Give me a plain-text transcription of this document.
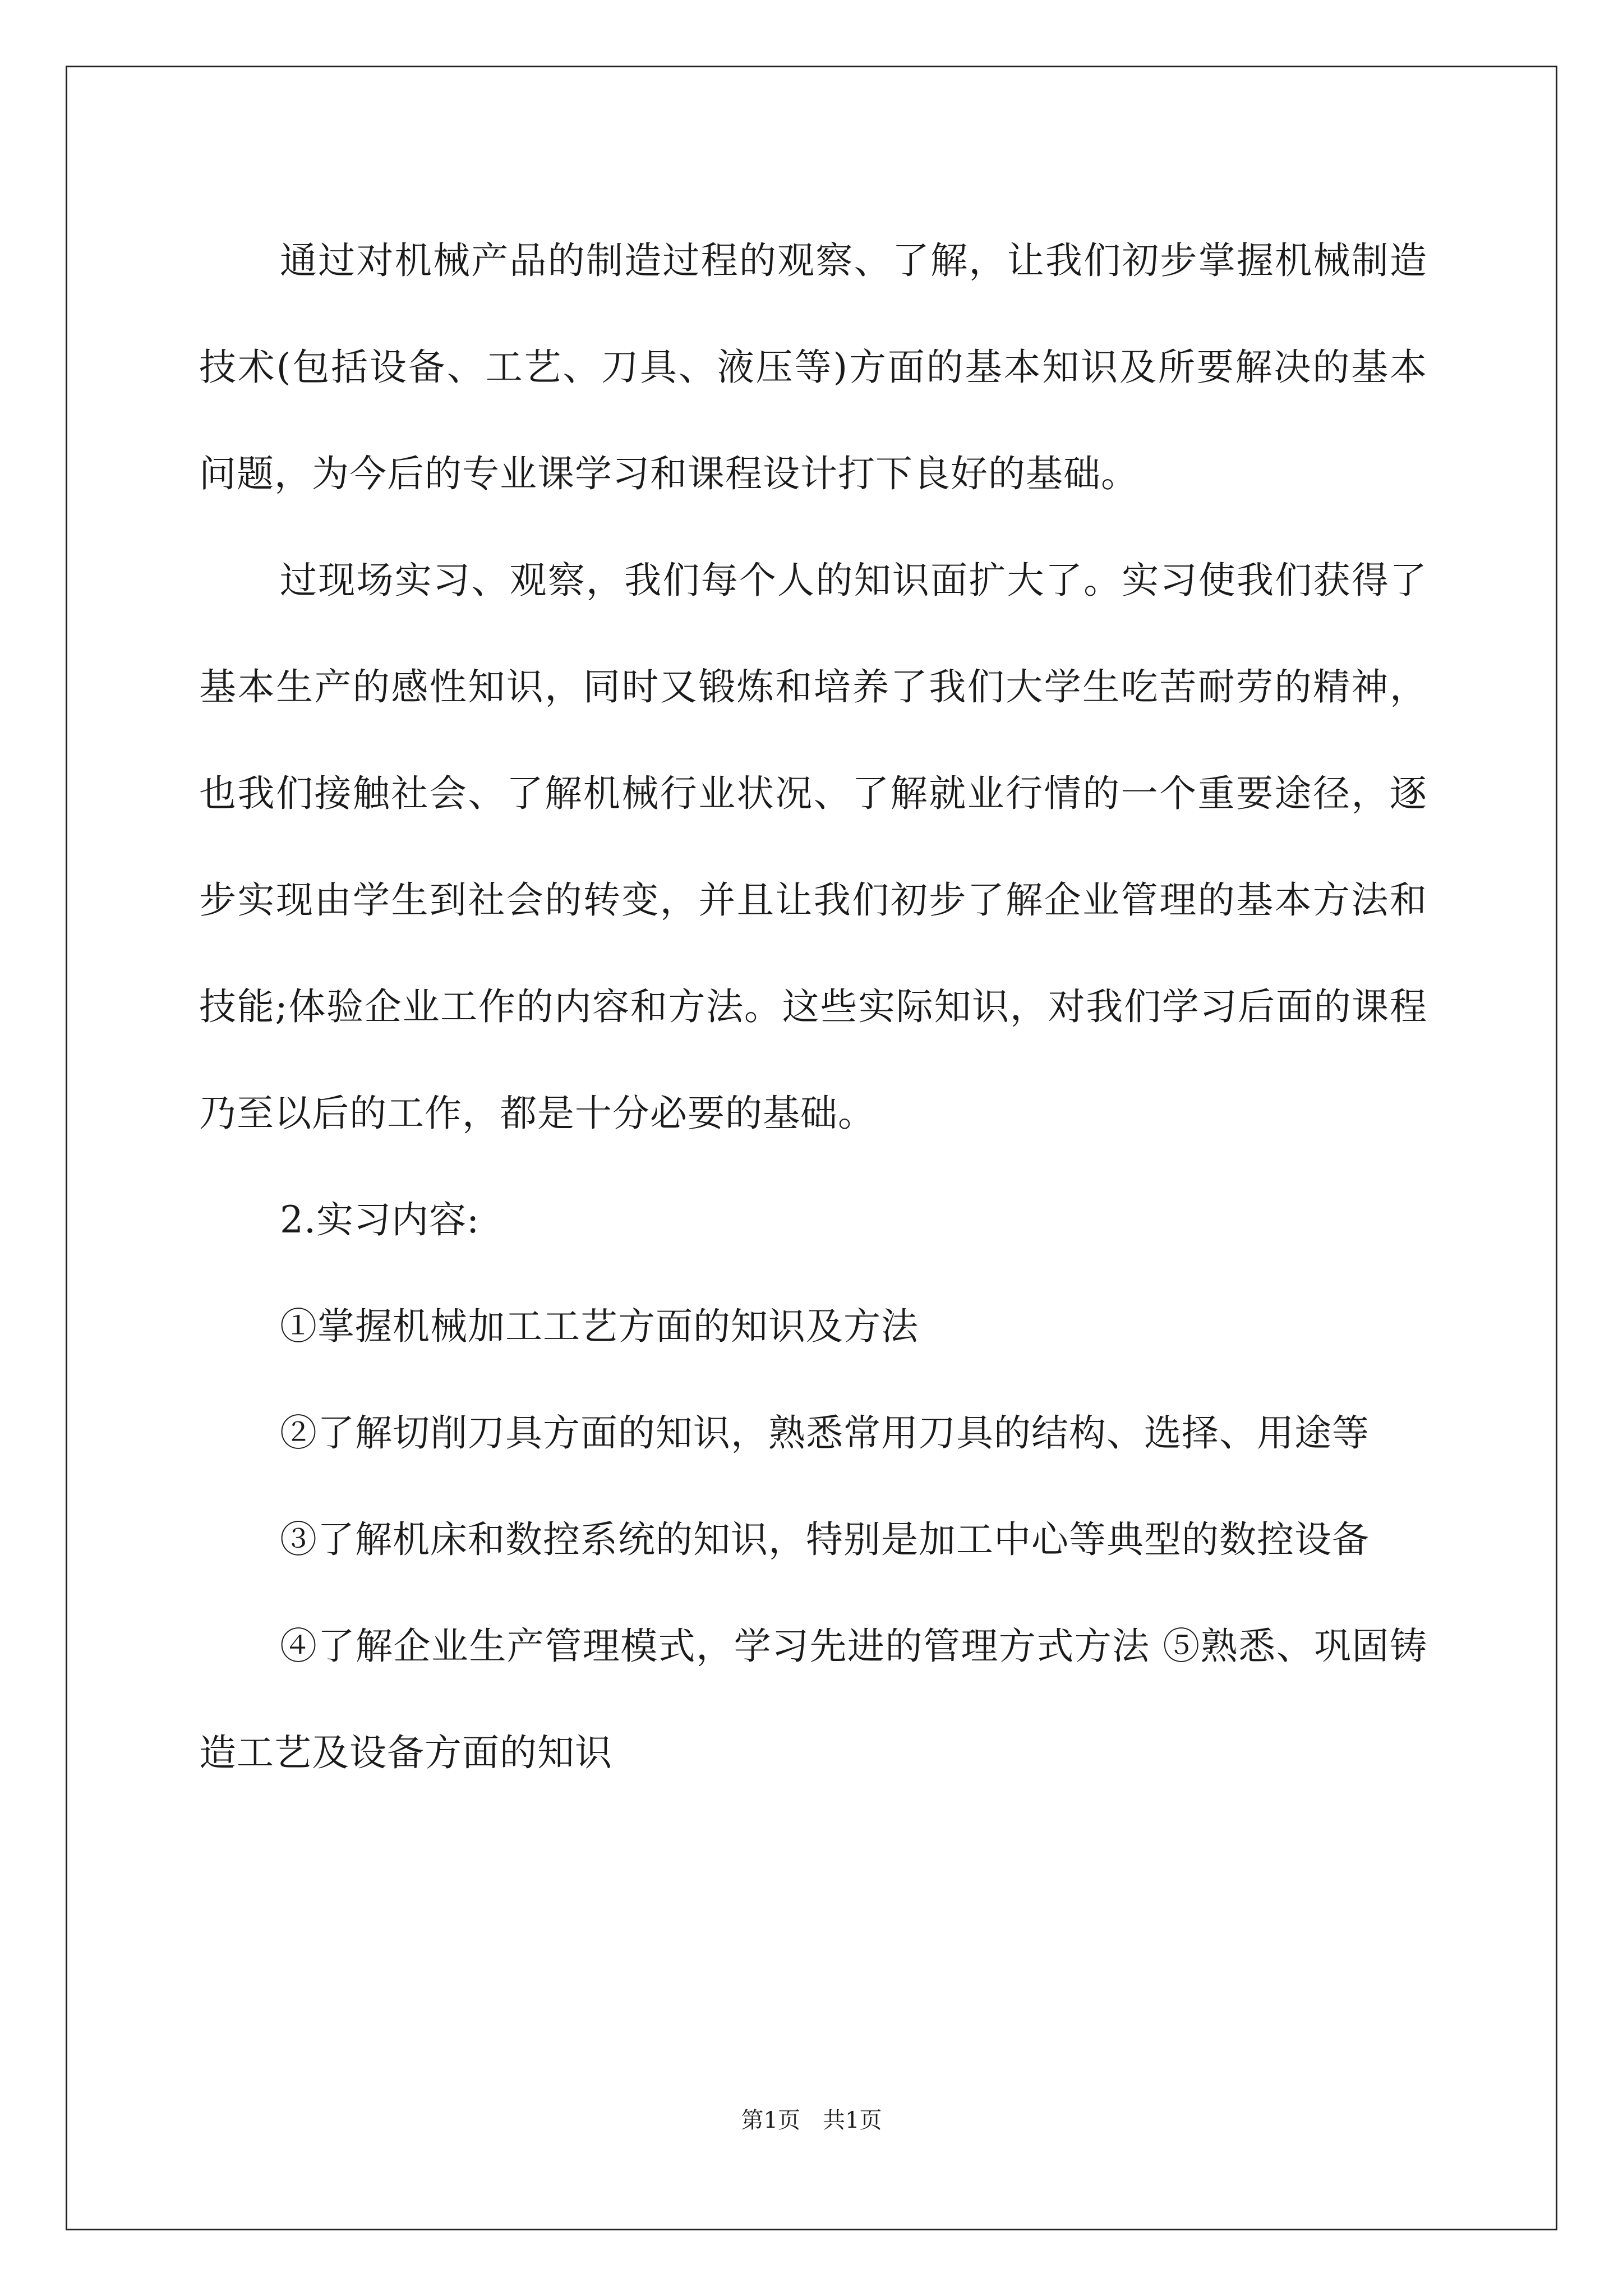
通过对机械产品的制造过程的观察、了解，让我们初步掌握机械制造技术(包括设备、工艺、刀具、液压等)方面的基本知识及所要解决的基本问题，为今后的专业课学习和课程设计打下良好的基础。

过现场实习、观察，我们每个人的知识面扩大了。实习使我们获得了基本生产的感性知识，同时又锻炼和培养了我们大学生吃苦耐劳的精神，也我们接触社会、了解机械行业状况、了解就业行情的一个重要途径，逐步实现由学生到社会的转变，并且让我们初步了解企业管理的基本方法和技能;体验企业工作的内容和方法。这些实际知识，对我们学习后面的课程乃至以后的工作，都是十分必要的基础。

2.实习内容:

①掌握机械加工工艺方面的知识及方法

②了解切削刀具方面的知识，熟悉常用刀具的结构、选择、用途等

③了解机床和数控系统的知识，特别是加工中心等典型的数控设备

④了解企业生产管理模式，学习先进的管理方式方法 ⑤熟悉、巩固铸造工艺及设备方面的知识

第1页 共1页
